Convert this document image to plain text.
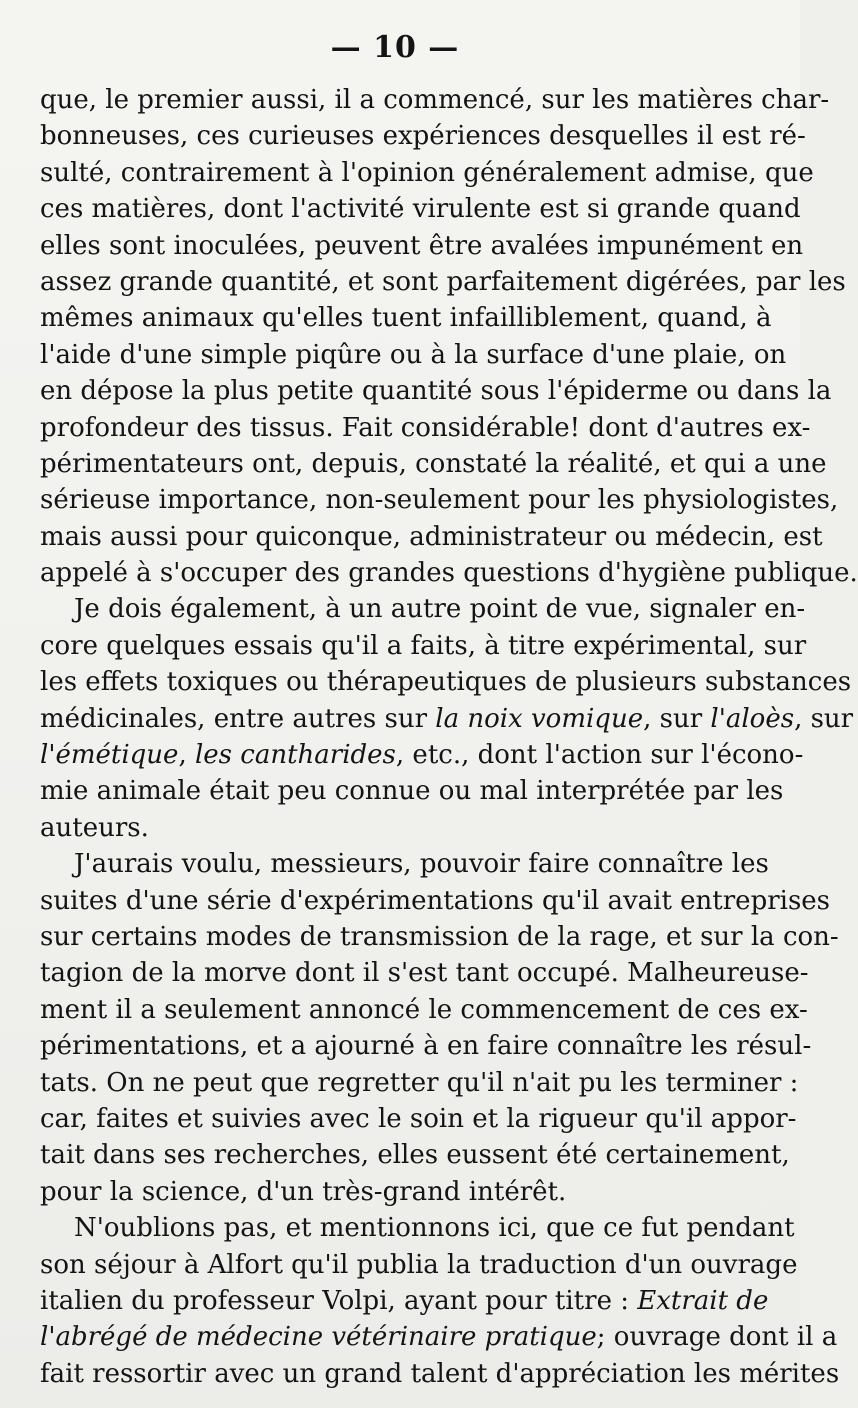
— 10 —
que, le premier aussi, il a commencé, sur les matières char-
bonneuses, ces curieuses expériences desquelles il est ré-
sulté, contrairement à l'opinion généralement admise, que
ces matières, dont l'activité virulente est si grande quand
elles sont inoculées, peuvent être avalées impunément en
assez grande quantité, et sont parfaitement digérées, par les
mêmes animaux qu'elles tuent infailliblement, quand, à
l'aide d'une simple piqûre ou à la surface d'une plaie, on
en dépose la plus petite quantité sous l'épiderme ou dans la
profondeur des tissus. Fait considérable! dont d'autres ex-
périmentateurs ont, depuis, constaté la réalité, et qui a une
sérieuse importance, non-seulement pour les physiologistes,
mais aussi pour quiconque, administrateur ou médecin, est
appelé à s'occuper des grandes questions d'hygiène publique.
Je dois également, à un autre point de vue, signaler en-
core quelques essais qu'il a faits, à titre expérimental, sur
les effets toxiques ou thérapeutiques de plusieurs substances
médicinales, entre autres sur la noix vomique, sur l'aloès, sur
l'émétique, les cantharides, etc., dont l'action sur l'écono-
mie animale était peu connue ou mal interprétée par les
auteurs.
J'aurais voulu, messieurs, pouvoir faire connaître les
suites d'une série d'expérimentations qu'il avait entreprises
sur certains modes de transmission de la rage, et sur la con-
tagion de la morve dont il s'est tant occupé. Malheureuse-
ment il a seulement annoncé le commencement de ces ex-
périmentations, et a ajourné à en faire connaître les résul-
tats. On ne peut que regretter qu'il n'ait pu les terminer :
car, faites et suivies avec le soin et la rigueur qu'il appor-
tait dans ses recherches, elles eussent été certainement,
pour la science, d'un très-grand intérêt.
N'oublions pas, et mentionnons ici, que ce fut pendant
son séjour à Alfort qu'il publia la traduction d'un ouvrage
italien du professeur Volpi, ayant pour titre : Extrait de
l'abrégé de médecine vétérinaire pratique; ouvrage dont il a
fait ressortir avec un grand talent d'appréciation les mérites
